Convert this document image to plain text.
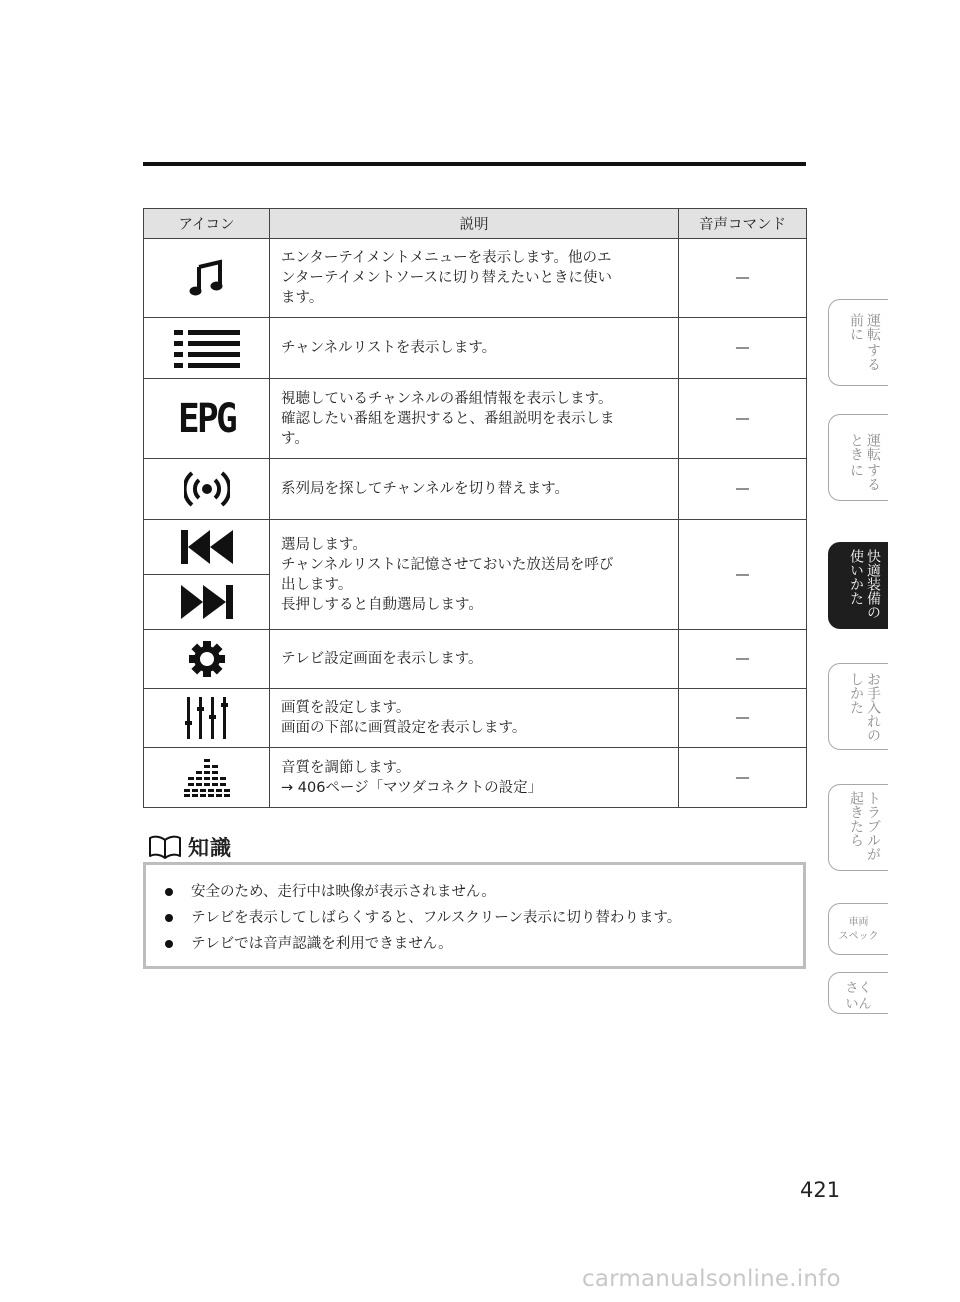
アイコン	説明	音声コマンド

エンターテイメントメニューを表示します。他のエ
ンターテイメントソースに切り替えたいときに使い
ます。	—

チャンネルリストを表示します。	—

EPG	視聴しているチャンネルの番組情報を表示します。
確認したい番組を選択すると、番組説明を表示しま
す。	—

系列局を探してチャンネルを切り替えます。	—

選局します。
チャンネルリストに記憶させておいた放送局を呼び
出します。
長押しすると自動選局します。	—

テレビ設定画面を表示します。	—

画質を設定します。
画面の下部に画質設定を表示します。	—

音質を調節します。
→ 406ページ「マツダコネクトの設定」	—
知識
安全のため、走行中は映像が表示されません。
テレビを表示してしばらくすると、フルスクリーン表示に切り替わります。
テレビでは音声認識を利用できません。
運転
前に
する
運転
とき
する
に
快適装備の
使いかた
お手入れの
しかた
トラブルが
起きたら
車両
スペック
さく
いん
421
carmanualsonline.info
